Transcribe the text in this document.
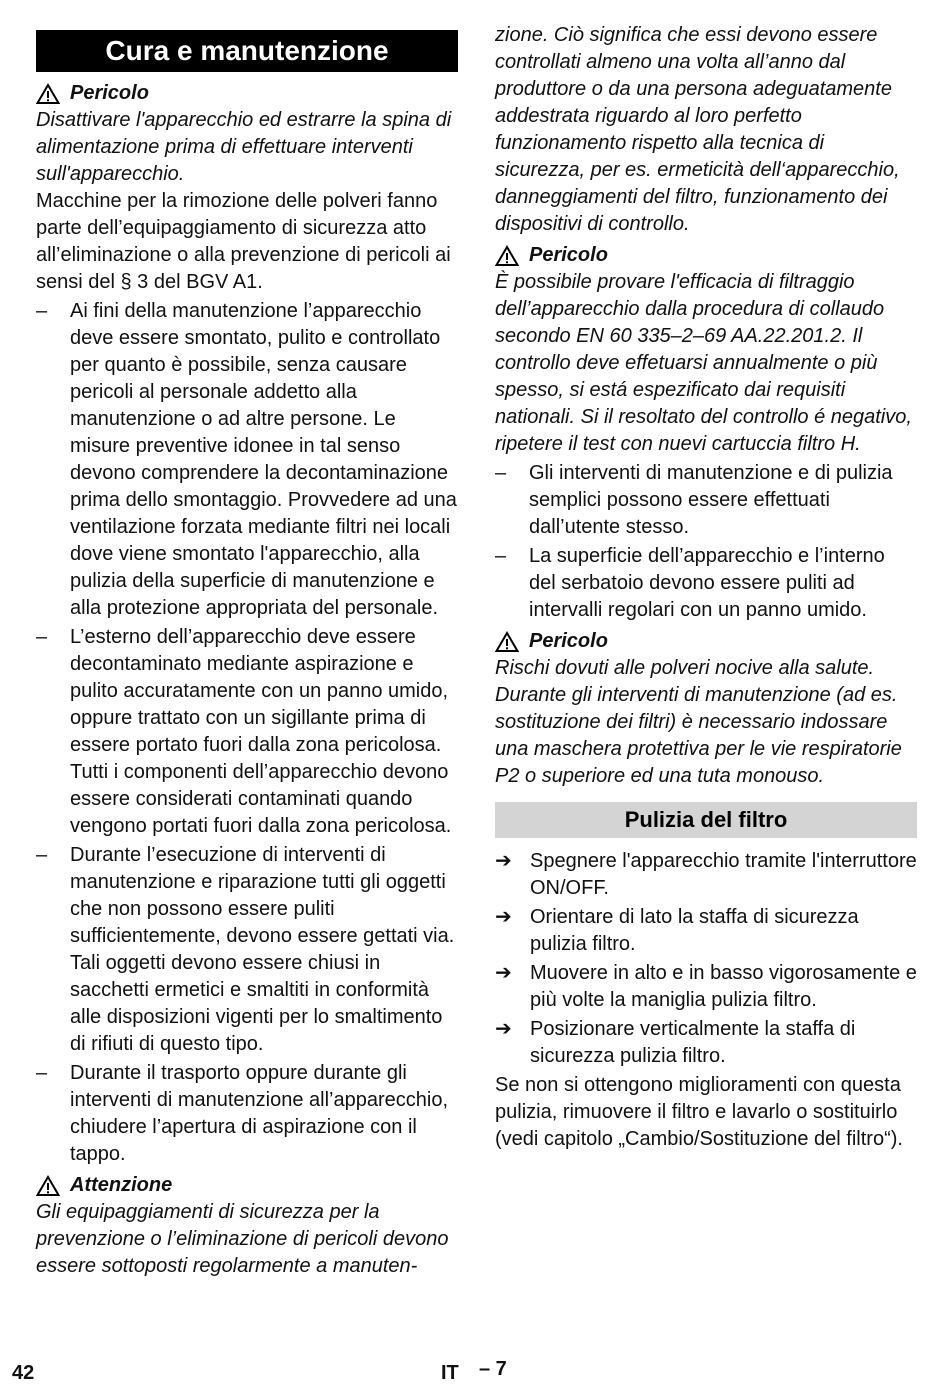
Cura e manutenzione
Pericolo
Disattivare l'apparecchio ed estrarre la spina di alimentazione prima di effettuare interventi sull'apparecchio.
Macchine per la rimozione delle polveri fanno parte dell’equipaggiamento di sicurezza atto all’eliminazione o alla prevenzione di pericoli ai sensi del § 3 del BGV A1.
–	Ai fini della manutenzione l’apparecchio deve essere smontato, pulito e controllato per quanto è possibile, senza causare pericoli al personale addetto alla manutenzione o ad altre persone. Le misure preventive idonee in tal senso devono comprendere la decontaminazione prima dello smontaggio. Provvedere ad una ventilazione forzata mediante filtri nei locali dove viene smontato l'apparecchio, alla pulizia della superficie di manutenzione e alla protezione appropriata del personale.
–	L’esterno dell’apparecchio deve essere decontaminato mediante aspirazione e pulito accuratamente con un panno umido, oppure trattato con un sigillante prima di essere portato fuori dalla zona pericolosa. Tutti i componenti dell’apparecchio devono essere considerati contaminati quando vengono portati fuori dalla zona pericolosa.
–	Durante l’esecuzione di interventi di manutenzione e riparazione tutti gli oggetti che non possono essere puliti sufficientemente, devono essere gettati via. Tali oggetti devono essere chiusi in sacchetti ermetici e smaltiti in conformità alle disposizioni vigenti per lo smaltimento di rifiuti di questo tipo.
–	Durante il trasporto oppure durante gli interventi di manutenzione all’apparecchio, chiudere l’apertura di aspirazione con il tappo.
Attenzione
Gli equipaggiamenti di sicurezza per la prevenzione o l’eliminazione di pericoli devono essere sottoposti regolarmente a manuten-
zione. Ciò significa che essi devono essere controllati almeno una volta all’anno dal produttore o da una persona adeguatamente addestrata riguardo al loro perfetto funzionamento rispetto alla tecnica di sicurezza, per es. ermeticità dell‘apparecchio, danneggiamenti del filtro, funzionamento dei dispositivi di controllo.
Pericolo
È possibile provare l'efficacia di filtraggio dell’apparecchio dalla procedura di collaudo secondo EN 60 335–2–69 AA.22.201.2. Il controllo deve effetuarsi annualmente o più spesso, si está espezificato dai requisiti nationali. Si il resoltato del controllo é negativo, ripetere il test con nuevi cartuccia filtro H.
–	Gli interventi di manutenzione e di pulizia semplici possono essere effettuati dall’utente stesso.
–	La superficie dell’apparecchio e l’interno del serbatoio devono essere puliti ad intervalli regolari con un panno umido.
Pericolo
Rischi dovuti alle polveri nocive alla salute. Durante gli interventi di manutenzione (ad es. sostituzione dei filtri) è necessario indossare una maschera protettiva per le vie respiratorie P2 o superiore ed una tuta monouso.
Pulizia del filtro
➔ Spegnere l'apparecchio tramite l'interruttore ON/OFF.
➔ Orientare di lato la staffa di sicurezza pulizia filtro.
➔ Muovere in alto e in basso vigorosamente e più volte la maniglia pulizia filtro.
➔ Posizionare verticalmente la staffa di sicurezza pulizia filtro.
Se non si ottengono miglioramenti con questa pulizia, rimuovere il filtro e lavarlo o sostituirlo (vedi capitolo „Cambio/Sostituzione del filtro“).
42	IT – 7
